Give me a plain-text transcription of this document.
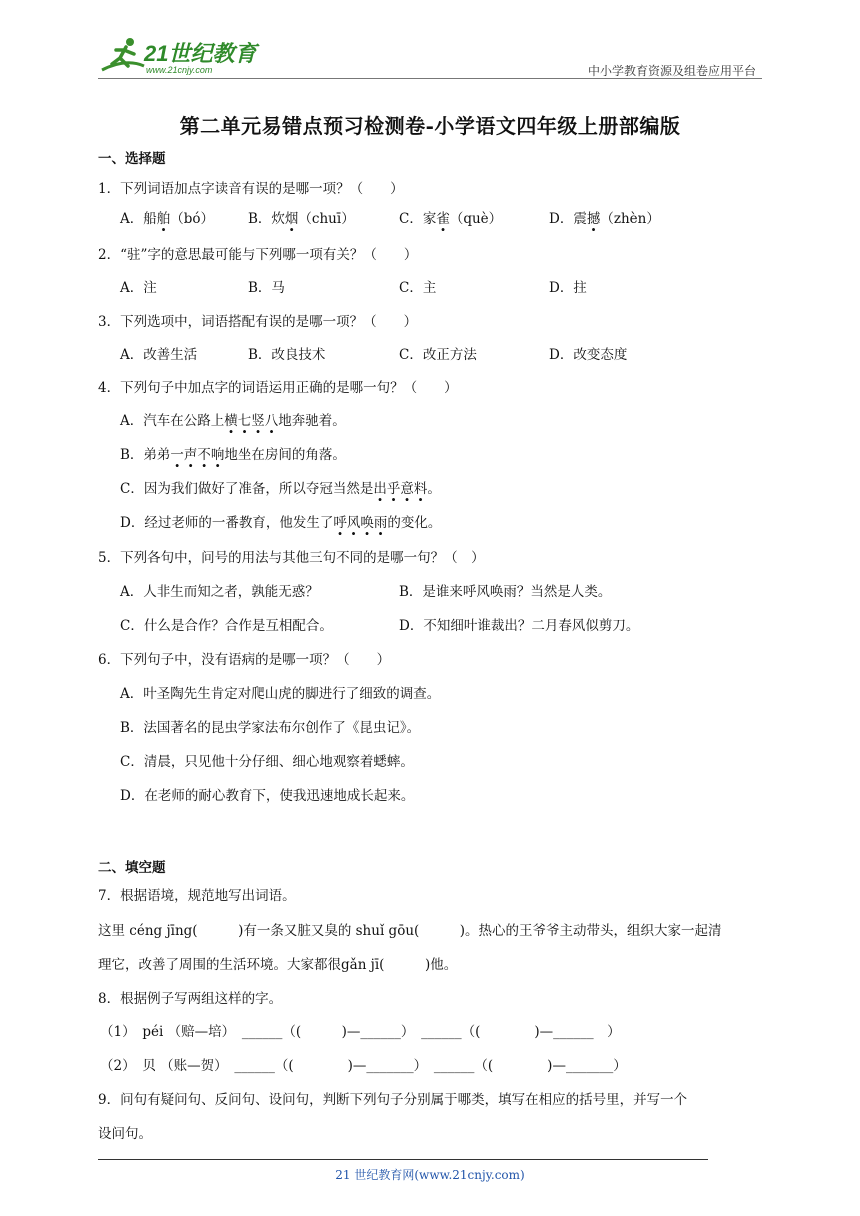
21世纪教育
www.21cnjy.com	中小学教育资源及组卷应用平台
第二单元易错点预习检测卷-小学语文四年级上册部编版
一、选择题
1．下列词语加点字读音有误的是哪一项？（　　）
A．船舶（bó）	B．炊烟（chuī）	C．家雀（què）	D．震撼（zhèn）
2．“驻”字的意思最可能与下列哪一项有关？（　　）
A．注	B．马	C．主	D．拄
3．下列选项中，词语搭配有误的是哪一项？（　　）
A．改善生活	B．改良技术	C．改正方法	D．改变态度
4．下列句子中加点字的词语运用正确的是哪一句？（　　）
A．汽车在公路上横七竖八地奔驰着。
B．弟弟一声不响地坐在房间的角落。
C．因为我们做好了准备，所以夺冠当然是出乎意料。
D．经过老师的一番教育，他发生了呼风唤雨的变化。
5．下列各句中，问号的用法与其他三句不同的是哪一句？（　）
A．人非生而知之者，孰能无惑？	B．是谁来呼风唤雨？当然是人类。
C．什么是合作？合作是互相配合。	D．不知细叶谁裁出？二月春风似剪刀。
6．下列句子中，没有语病的是哪一项？（　　）
A．叶圣陶先生肯定对爬山虎的脚进行了细致的调查。
B．法国著名的昆虫学家法布尔创作了《昆虫记》。
C．清晨，只见他十分仔细、细心地观察着蟋蟀。
D．在老师的耐心教育下，使我迅速地成长起来。
二、填空题
7．根据语境，规范地写出词语。
这里 céng jīng(　　　)有一条又脏又臭的 shuǐ gōu(　　　)。热心的王爷爷主动带头，组织大家一起清
理它，改善了周围的生活环境。大家都很gǎn jī(　　　)他。
8．根据例子写两组这样的字。
（1）　péi （赔—培）　______（(　　　)—______）　______（(　　　　)—______　）
（2）　贝 （账—贺）　______（(　　　　)—_______）　______（(　　　　)—_______）
9．问句有疑问句、反问句、设问句，判断下列句子分别属于哪类，填写在相应的括号里，并写一个
设问句。
21 世纪教育网(www.21cnjy.com)
